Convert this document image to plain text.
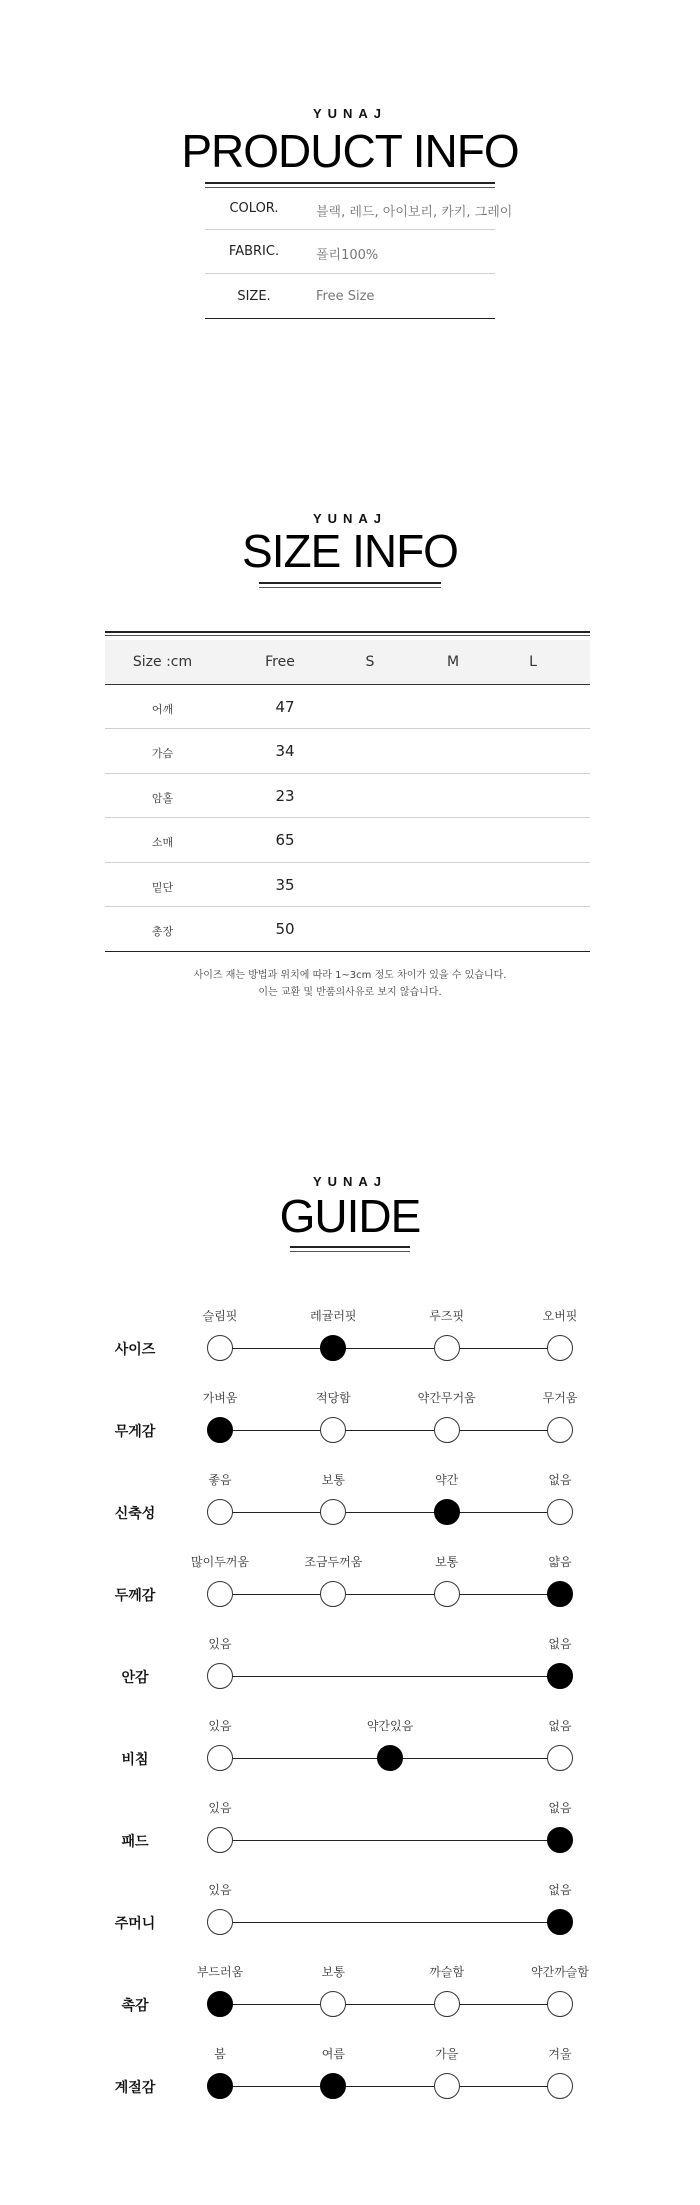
YUNAJ
PRODUCT INFO
COLOR.	블랙, 레드, 아이보리, 카키, 그레이
FABRIC.	폴리100%
SIZE.	Free Size
YUNAJ
SIZE INFO
Size :cm	Free	S	M	L
어깨	47
가슴	34
암홀	23
소매	65
밑단	35
총장	50
사이즈 재는 방법과 위치에 따라 1~3cm 정도 차이가 있을 수 있습니다.
이는 교환 및 반품의사유로 보지 않습니다.
YUNAJ
GUIDE
사이즈
슬림핏	레귤러핏	루즈핏	오버핏
무게감
가벼움	적당함	약간무거움	무거움
신축성
좋음	보통	약간	없음
두께감
많이두꺼움	조금두꺼움	보통	얇음
안감
있음	없음
비침
있음	약간있음	없음
패드
있음	없음
주머니
있음	없음
촉감
부드러움	보통	까슬함	약간까슬함
계절감
봄	여름	가을	겨울
